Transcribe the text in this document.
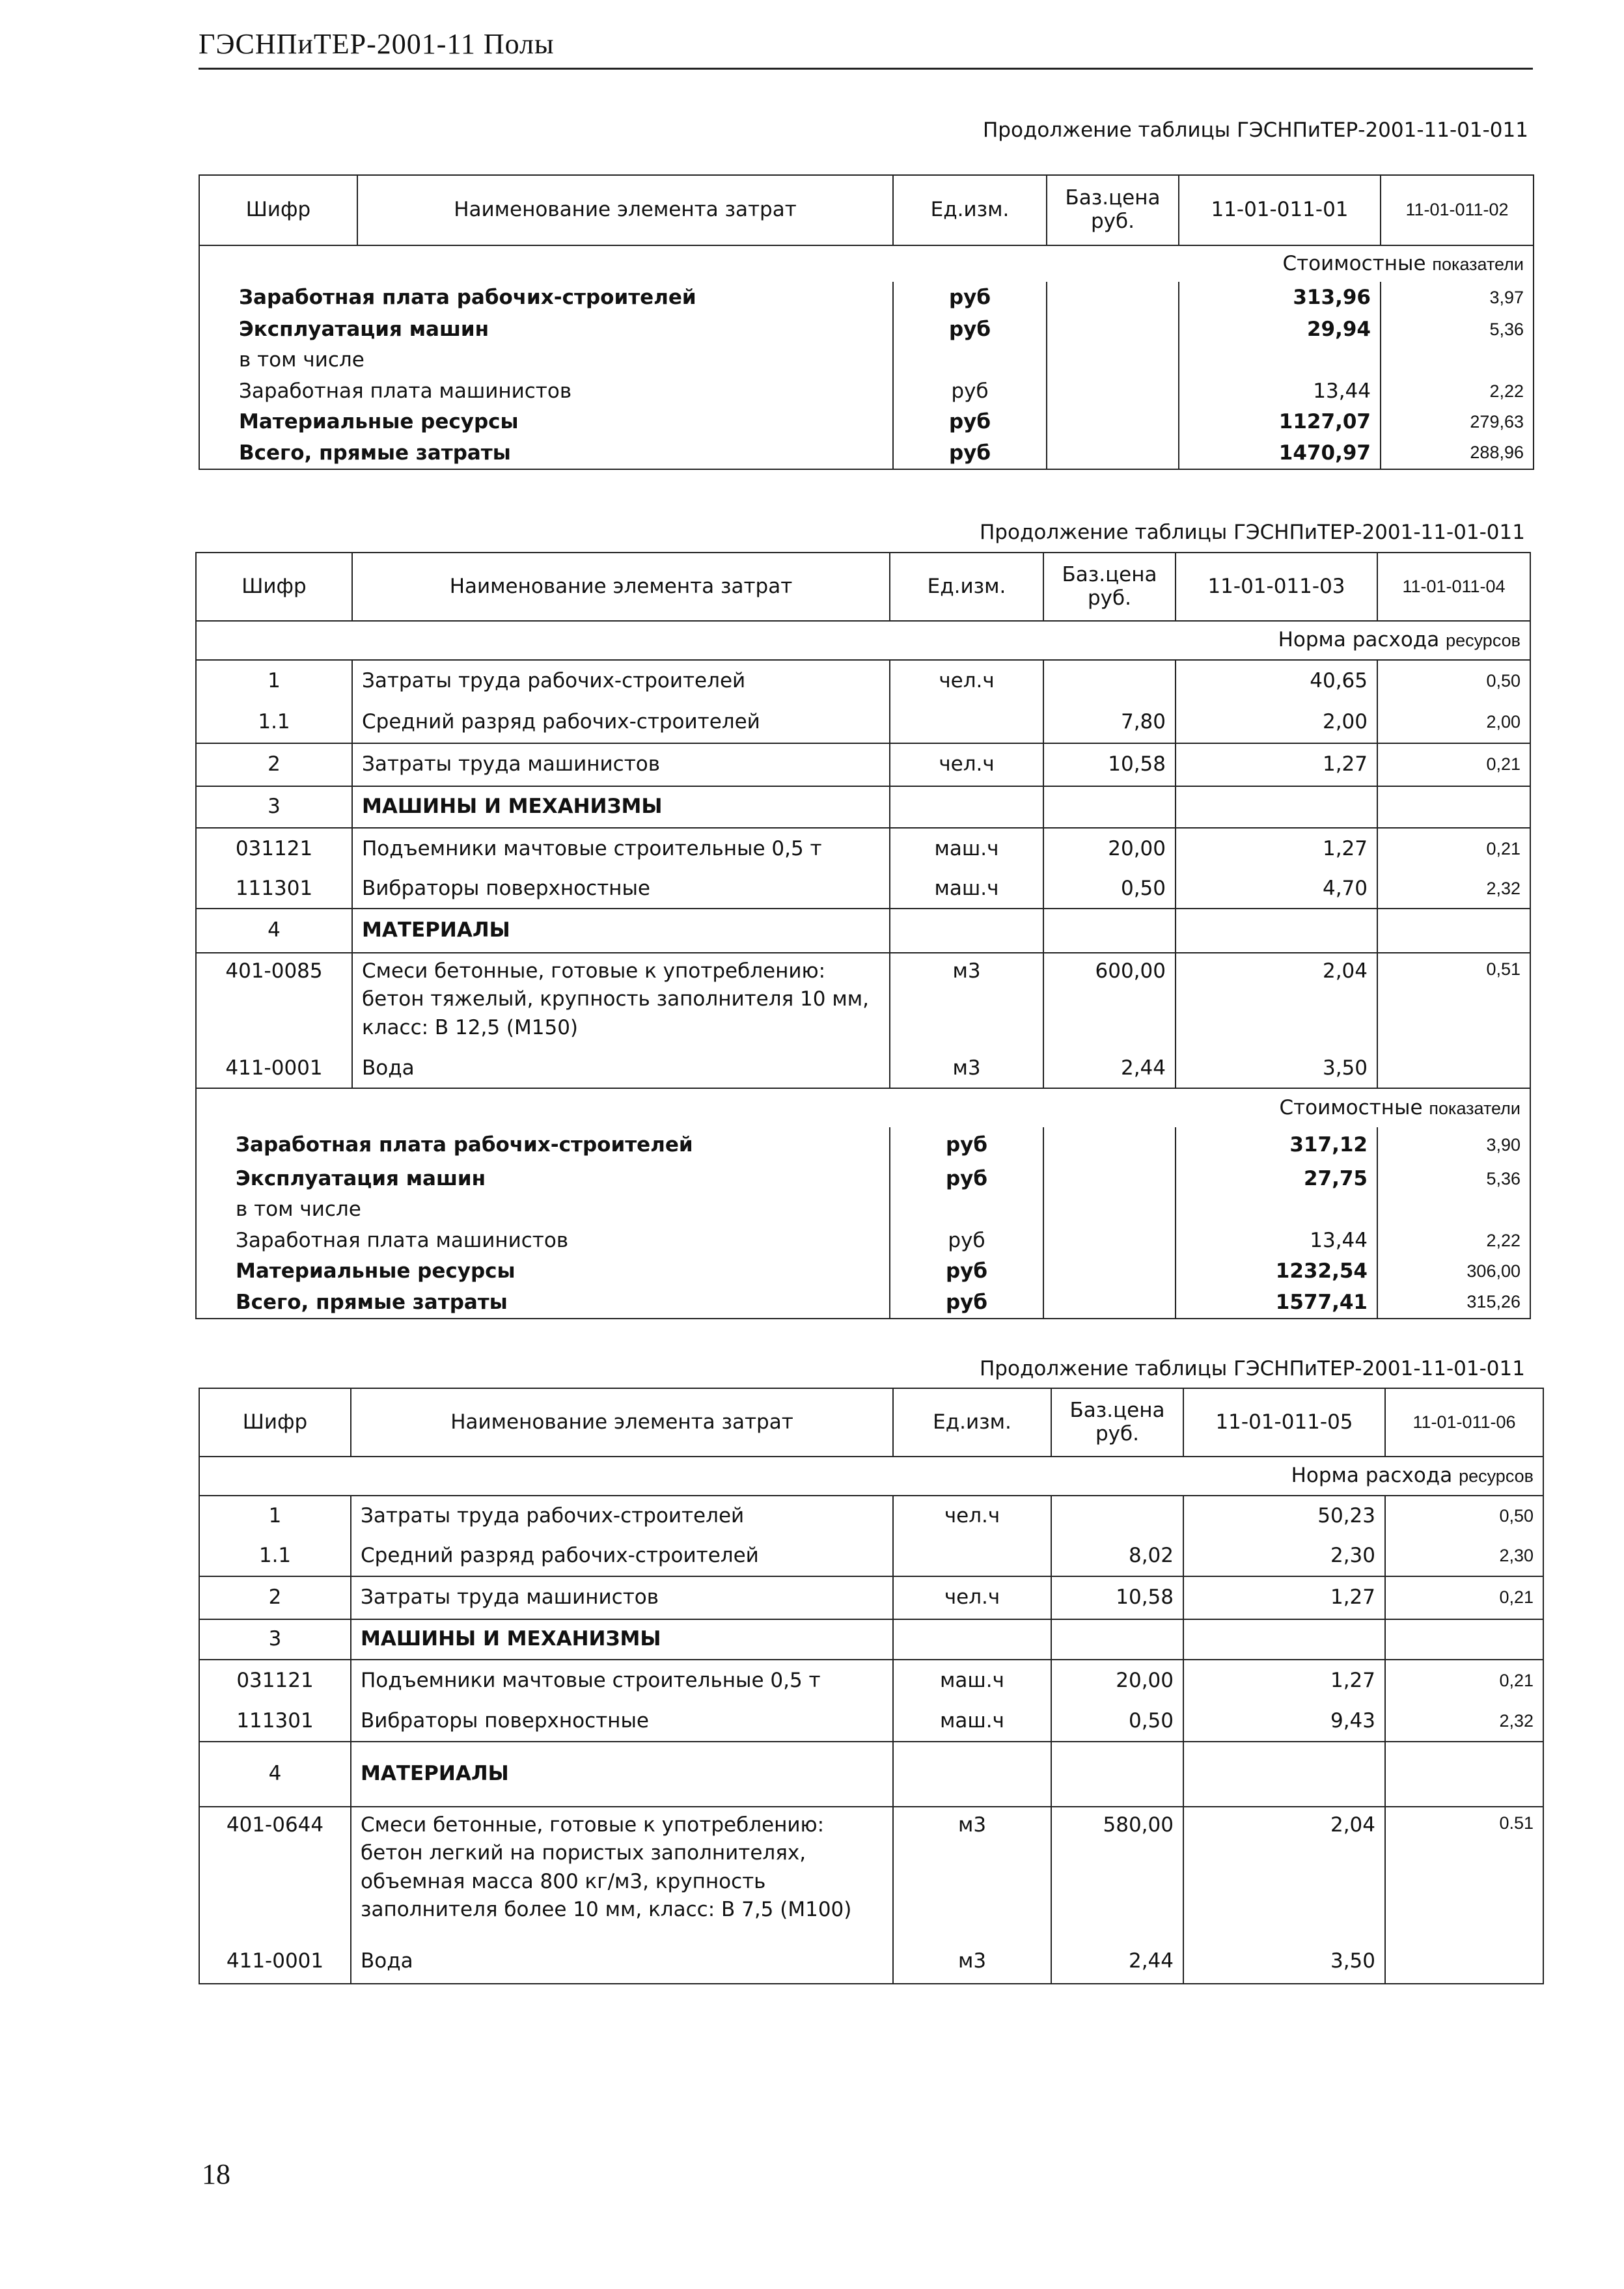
ГЭСНПиТЕР-2001-11 Полы
Продолжение таблицы ГЭСНПиТЕР-2001-11-01-011
Шифр	Наименование элемента затрат	Ед.изм.	Баз.цена руб.	11-01-011-01	11-01-011-02
Стоимостные показатели					
Заработная плата рабочих-строителей		руб		313,96	3,97
Эксплуатация машин		руб		29,94	5,36
в том числе					
Заработная плата машинистов		руб		13,44	2,22
Материальные ресурсы		руб		1127,07	279,63
Всего, прямые затраты		руб		1470,97	288,96
Продолжение таблицы ГЭСНПиТЕР-2001-11-01-011
Шифр	Наименование элемента затрат	Ед.изм.	Баз.цена руб.	11-01-011-03	11-01-011-04
Норма расхода ресурсов					
1	Затраты труда рабочих-строителей	чел.ч		40,65	0,50
1.1	Средний разряд рабочих-строителей		7,80	2,00	2,00
2	Затраты труда машинистов	чел.ч	10,58	1,27	0,21
3	МАШИНЫ И МЕХАНИЗМЫ				
031121	Подъемники мачтовые строительные 0,5 т	маш.ч	20,00	1,27	0,21
111301	Вибраторы поверхностные	маш.ч	0,50	4,70	2,32
4	МАТЕРИАЛЫ				
401-0085	Смеси бетонные, готовые к употреблению: бетон тяжелый, крупность заполнителя 10 мм, класс: В 12,5 (М150)	м3	600,00	2,04	0,51
411-0001	Вода	м3	2,44	3,50	
Стоимостные показатели					
Заработная плата рабочих-строителей		руб		317,12	3,90
Эксплуатация машин		руб		27,75	5,36
в том числе					
Заработная плата машинистов		руб		13,44	2,22
Материальные ресурсы		руб		1232,54	306,00
Всего, прямые затраты		руб		1577,41	315,26
Продолжение таблицы ГЭСНПиТЕР-2001-11-01-011
Шифр	Наименование элемента затрат	Ед.изм.	Баз.цена руб.	11-01-011-05	11-01-011-06
Норма расхода ресурсов					
1	Затраты труда рабочих-строителей	чел.ч		50,23	0,50
1.1	Средний разряд рабочих-строителей		8,02	2,30	2,30
2	Затраты труда машинистов	чел.ч	10,58	1,27	0,21
3	МАШИНЫ И МЕХАНИЗМЫ				
031121	Подъемники мачтовые строительные 0,5 т	маш.ч	20,00	1,27	0,21
111301	Вибраторы поверхностные	маш.ч	0,50	9,43	2,32
4	МАТЕРИАЛЫ				
401-0644	Смеси бетонные, готовые к употреблению: бетон легкий на пористых заполнителях, объемная масса 800 кг/м3, крупность заполнителя более 10 мм, класс: В 7,5 (М100)	м3	580,00	2,04	0.51
411-0001	Вода	м3	2,44	3,50	
18
